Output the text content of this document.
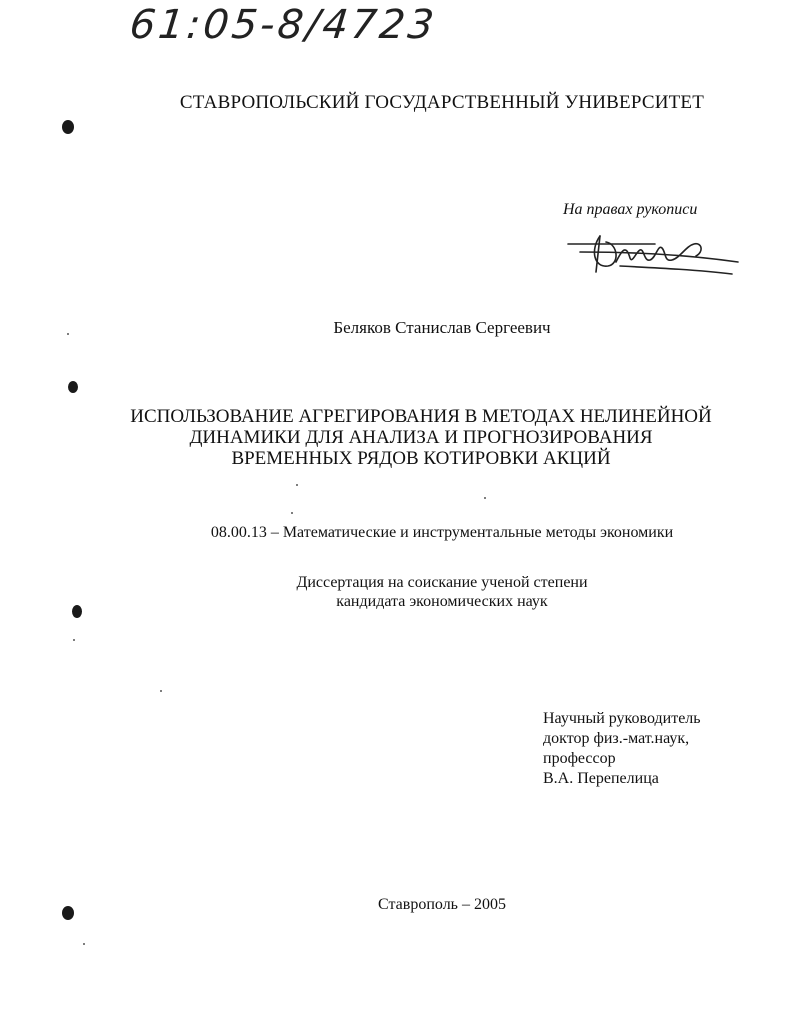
61:05-8/4723
СТАВРОПОЛЬСКИЙ ГОСУДАРСТВЕННЫЙ УНИВЕРСИТЕТ
На правах рукописи
Беляков Станислав Сергеевич
ИСПОЛЬЗОВАНИЕ АГРЕГИРОВАНИЯ В МЕТОДАХ НЕЛИНЕЙНОЙ
ДИНАМИКИ ДЛЯ АНАЛИЗА И ПРОГНОЗИРОВАНИЯ
ВРЕМЕННЫХ РЯДОВ КОТИРОВКИ АКЦИЙ
08.00.13 – Математические и инструментальные методы экономики
Диссертация на соискание ученой степени
кандидата экономических наук
Научный руководитель
доктор физ.-мат.наук,
профессор
В.А. Перепелица
Ставрополь – 2005
